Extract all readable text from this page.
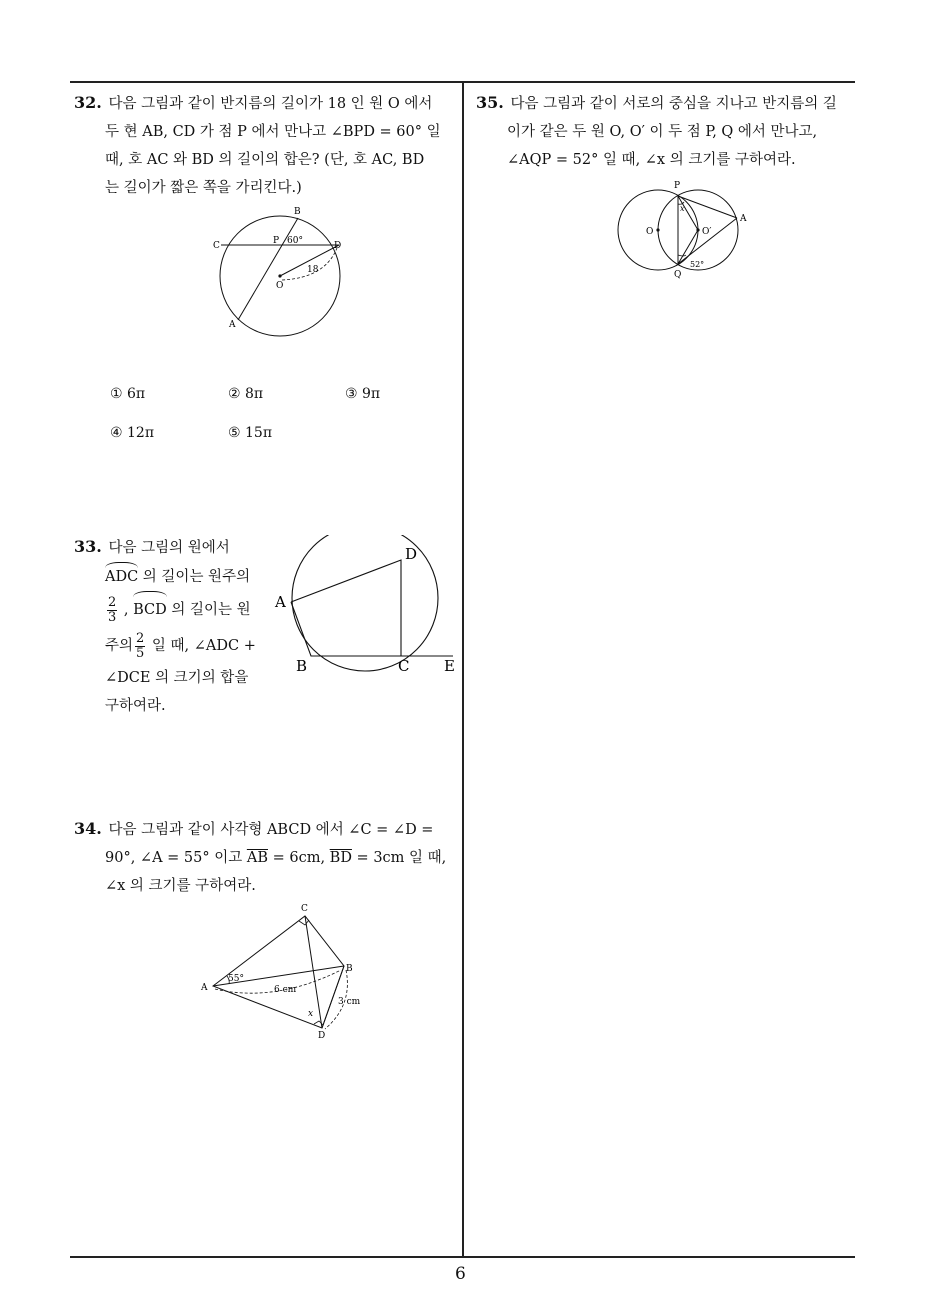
32. 다음 그림과 같이 반지름의 길이가 18 인 원 O 에서
두 현 AB, CD 가 점 P 에서 만나고 ∠BPD = 60° 일
때, 호 AC 와 BD 의 길이의 합은? (단, 호 AC, BD
는 길이가 짧은 쪽을 가리킨다.)
B
C	P 60°	D
18
O
A
① 6π	② 8π	③ 9π
④ 12π	⑤ 15π
33. 다음 그림의 원에서
ADC 의 길이는 원주의
$\frac{2}{3}$ , BCD 의 길이는 원
주의 $\frac{2}{5}$ 일 때, ∠ADC +
∠DCE 의 크기의 합을
구하여라.
D
A
B	C E
34. 다음 그림과 같이 사각형 ABCD 에서 ∠C = ∠D =
90°, ∠A = 55° 이고 $\overline{AB} = 6cm$, $\overline{BD} = 3cm$ 일 때,
∠x 의 크기를 구하여라.
C
B
A
55°
6 cm
3 cm
x
D
35. 다음 그림과 같이 서로의 중심을 지나고 반지름의 길
이가 같은 두 원 O, O′ 이 두 점 P, Q 에서 만나고,
∠AQP = 52° 일 때, ∠x 의 크기를 구하여라.
P
x
A
O	O′
52°
Q
6
